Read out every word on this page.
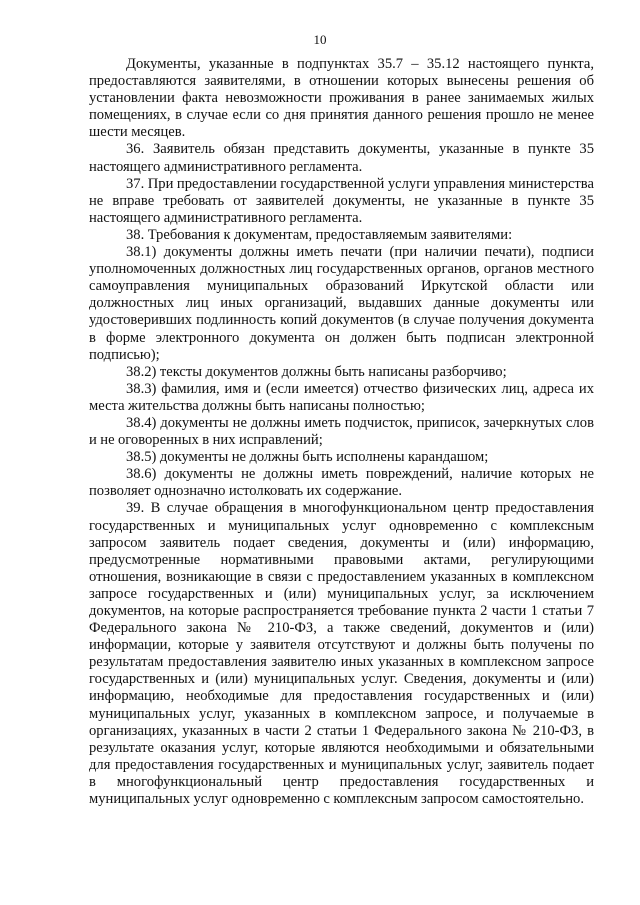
10

Документы, указанные в подпунктах 35.7 – 35.12 настоящего пункта, предоставляются заявителями, в отношении которых вынесены решения об установлении факта невозможности проживания в ранее занимаемых жилых помещениях, в случае если со дня принятия данного решения прошло не менее шести месяцев.

36. Заявитель обязан представить документы, указанные в пункте 35 настоящего административного регламента.

37. При предоставлении государственной услуги управления министерства не вправе требовать от заявителей документы, не указанные в пункте 35 настоящего административного регламента.

38. Требования к документам, предоставляемым заявителями:

38.1) документы должны иметь печати (при наличии печати), подписи уполномоченных должностных лиц государственных органов, органов местного самоуправления муниципальных образований Иркутской области или должностных лиц иных организаций, выдавших данные документы или удостоверивших подлинность копий документов (в случае получения документа в форме электронного документа он должен быть подписан электронной подписью);

38.2) тексты документов должны быть написаны разборчиво;

38.3) фамилия, имя и (если имеется) отчество физических лиц, адреса их места жительства должны быть написаны полностью;

38.4) документы не должны иметь подчисток, приписок, зачеркнутых слов и не оговоренных в них исправлений;

38.5) документы не должны быть исполнены карандашом;

38.6) документы не должны иметь повреждений, наличие которых не позволяет однозначно истолковать их содержание.

39. В случае обращения в многофункциональном центр предоставления государственных и муниципальных услуг одновременно с комплексным запросом заявитель подает сведения, документы и (или) информацию, предусмотренные нормативными правовыми актами, регулирующими отношения, возникающие в связи с предоставлением указанных в комплексном запросе государственных и (или) муниципальных услуг, за исключением документов, на которые распространяется требование пункта 2 части 1 статьи 7 Федерального закона № 210-ФЗ, а также сведений, документов и (или) информации, которые у заявителя отсутствуют и должны быть получены по результатам предоставления заявителю иных указанных в комплексном запросе государственных и (или) муниципальных услуг. Сведения, документы и (или) информацию, необходимые для предоставления государственных и (или) муниципальных услуг, указанных в комплексном запросе, и получаемые в организациях, указанных в части 2 статьи 1 Федерального закона № 210-ФЗ, в результате оказания услуг, которые являются необходимыми и обязательными для предоставления государственных и муниципальных услуг, заявитель подает в многофункциональный центр предоставления государственных и муниципальных услуг одновременно с комплексным запросом самостоятельно.
